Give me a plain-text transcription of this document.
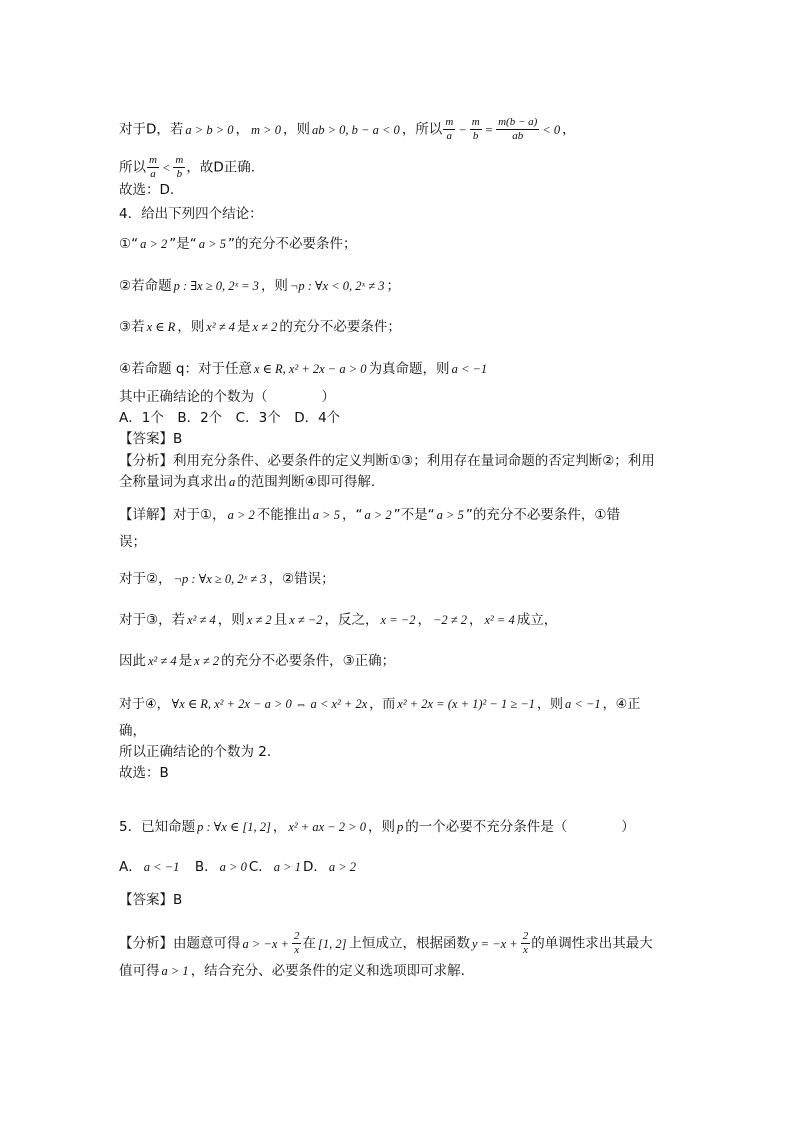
对于D，若 a > b > 0 ， m > 0 ，则 ab > 0, b − a < 0 ，所以 $\frac{m}{a} - \frac{m}{b} = \frac{m(b - a)}{ab} < 0$ ，
所以 $\frac{m}{a} < \frac{m}{b}$ ，故D正确.
故选：D.
4．给出下列四个结论：
①“ a > 2 ”是“ a > 5 ”的充分不必要条件；
②若命题 p : ∃x ≥ 0, 2ˣ = 3 ，则 ¬p : ∀x < 0, 2ˣ ≠ 3 ；
③若 x ∈ R ，则 x² ≠ 4 是 x ≠ 2 的充分不必要条件；
④若命题 q：对于任意 x ∈ R, x² + 2x − a > 0 为真命题，则 a < −1
其中正确结论的个数为（　　　　）
A．1个　B．2个　C．3个　D．4个
【答案】B
【分析】利用充分条件、必要条件的定义判断①③；利用存在量词命题的否定判断②；利用
全称量词为真求出 a 的范围判断④即可得解.
【详解】对于①， a > 2 不能推出 a > 5 ，“ a > 2 ”不是“ a > 5 ”的充分不必要条件，①错
误；
对于②， ¬p : ∀x ≥ 0, 2ˣ ≠ 3 ，②错误；
对于③，若 x² ≠ 4 ，则 x ≠ 2 且 x ≠ −2 ，反之， x = −2 ， −2 ≠ 2 ， x² = 4 成立，
因此 x² ≠ 4 是 x ≠ 2 的充分不必要条件，③正确；
对于④， ∀x ∈ R, x² + 2x − a > 0 ⇔ a < x² + 2x ，而 x² + 2x = (x + 1)² − 1 ≥ −1 ，则 a < −1 ，④正
确，
所以正确结论的个数为 2.
故选：B
5．已知命题 p : ∀x ∈ [1, 2] ， x² + ax − 2 > 0 ，则 p 的一个必要不充分条件是（　　　　）
A． a < −1　B． a > 0 C． a > 1 D． a > 2
【答案】B
【分析】由题意可得 $a > -x + \frac{2}{x}$ 在 [1, 2] 上恒成立，根据函数 $y = -x + \frac{2}{x}$ 的单调性求出其最大
值可得 a > 1 ，结合充分、必要条件的定义和选项即可求解.
